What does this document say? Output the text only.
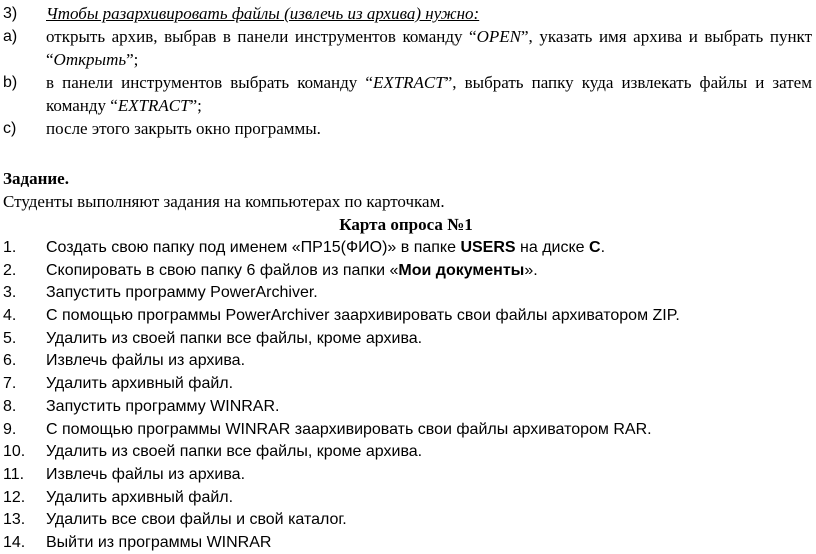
3)	Чтобы разархивировать файлы (извлечь из архива) нужно:
a)	открыть архив, выбрав в панели инструментов команду “OPEN”, указать имя архива и выбрать пункт “Открыть”;
b)	в панели инструментов выбрать команду “EXTRACT”, выбрать папку куда извлекать файлы и затем команду “EXTRACT”;
c)	после этого закрыть окно программы.
Задание.
Студенты выполняют задания на компьютерах по карточкам.
Карта опроса №1
1.	Создать свою папку под именем «ПР15(ФИО)» в папке USERS на диске С.
2.	Скопировать в свою папку 6 файлов из папки «Мои документы».
3.	Запустить программу PowerArchiver.
4.	С помощью программы PowerArchiver заархивировать свои файлы архиватором ZIP.
5.	Удалить из своей папки все файлы, кроме архива.
6.	Извлечь файлы из архива.
7.	Удалить архивный файл.
8.	Запустить программу WINRAR.
9.	С помощью программы WINRAR заархивировать свои файлы архиватором RAR.
10.	Удалить из своей папки все файлы, кроме архива.
11.	Извлечь файлы из архива.
12.	Удалить архивный файл.
13.	Удалить все свои файлы и свой каталог.
14.	Выйти из программы WINRAR
